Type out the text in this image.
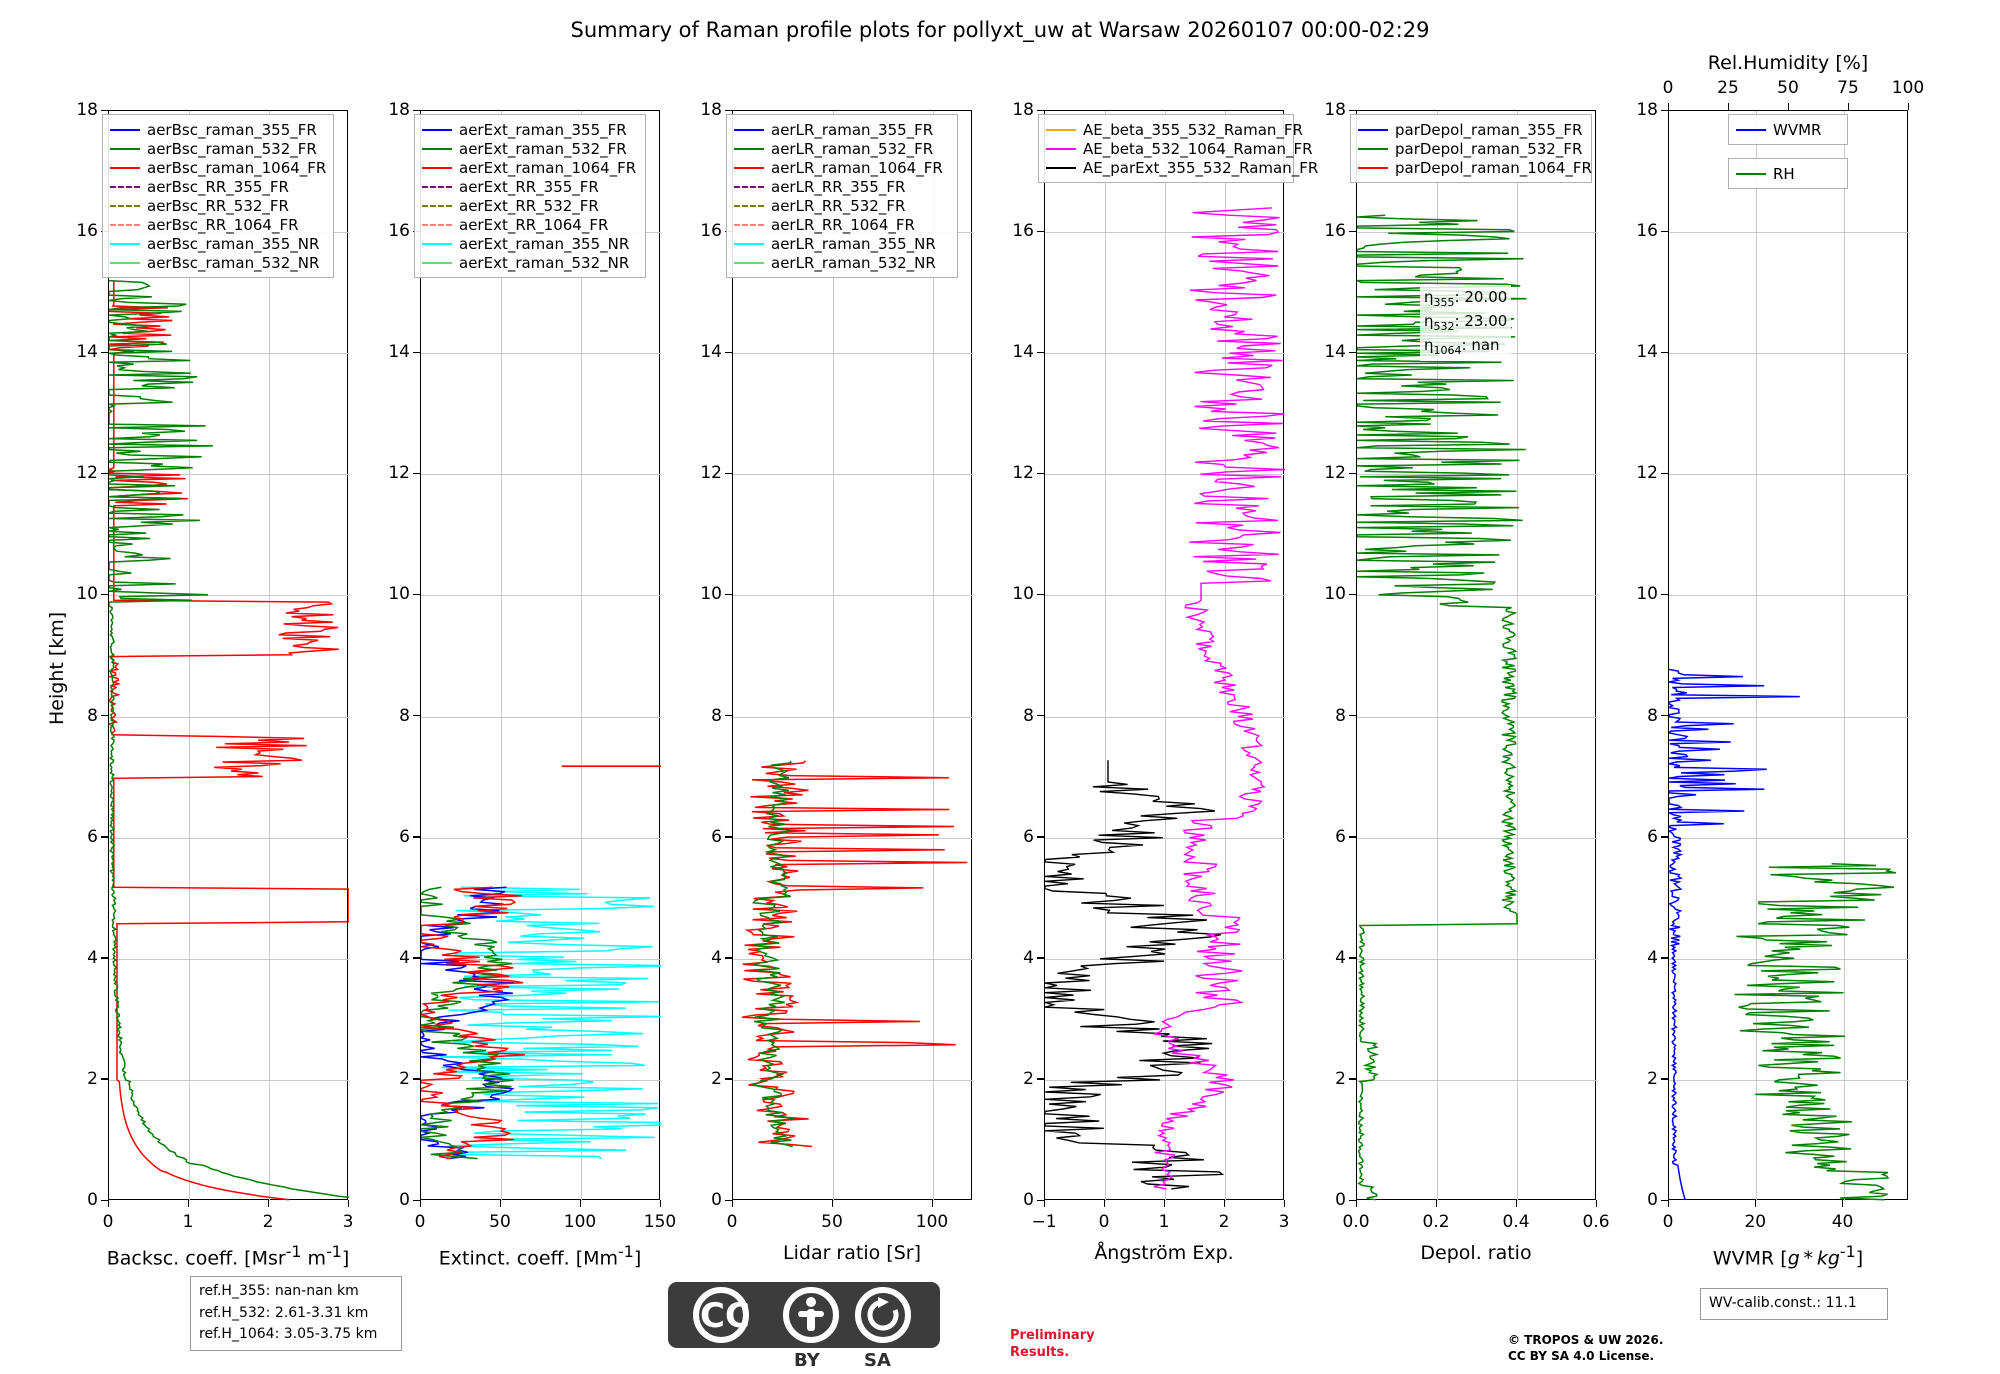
Summary of Raman profile plots for pollyxt_uw at Warsaw 20260107 00:00-02:29
0
2
4
6
8
10
12
14
16
18
0	1	2	3
Backsc. coeff. [Msr$^{-1}$ $m^{-1}$]
0
2
4
6
8
10
12
14
16
18
0	50	100	150
Extinct. coeff. $[Mm^{-1}]$
0
2
4
6
8
10
12
14
16
18
0	50	100
Lidar ratio [Sr]
0
2
4
6
8
10
12
14
16
18
−1 0	1	2	3
Ångström Exp.
0
2
4
6
8
10
12
14
16
18
0.0	0.2	0.4	0.6
Depol. ratio
0
2
4
6
8
10
12
14
16
18
0	20	40
WVMR $[g * kg^{-1}]$
Rel.Humidity [%]
0	25 50 75 100
Height [km]
aerBsc_raman_355_FR
aerBsc_raman_532_FR
aerBsc_raman_1064_FR
aerBsc_RR_355_FR
aerBsc_RR_532_FR
aerBsc_RR_1064_FR
aerBsc_raman_355_NR
aerBsc_raman_532_NR
aerExt_raman_355_FR
aerExt_raman_532_FR
aerExt_raman_1064_FR
aerExt_RR_355_FR
aerExt_RR_532_FR
aerExt_RR_1064_FR
aerExt_raman_355_NR
aerExt_raman_532_NR
aerLR_raman_355_FR
aerLR_raman_532_FR
aerLR_raman_1064_FR
aerLR_RR_355_FR
aerLR_RR_532_FR
aerLR_RR_1064_FR
aerLR_raman_355_NR
aerLR_raman_532_NR
AE_beta_355_532_Raman_FR
AE_beta_532_1064_Raman_FR
AE_parExt_355_532_Raman_FR
parDepol_raman_355_FR
parDepol_raman_532_FR
parDepol_raman_1064_FR
WVMR
RH
$\eta_{355}$: 20.00
$\eta_{532}$: 23.00
$\eta_{1064}$: nan
ref.H_355: nan-nan km
ref.H_532: 2.61-3.31 km
ref.H_1064: 3.05-3.75 km
WV-calib.const.: 11.1
Preliminary
Results.
© TROPOS & UW 2026.
CC BY SA 4.0 License.
CC
BY SA
